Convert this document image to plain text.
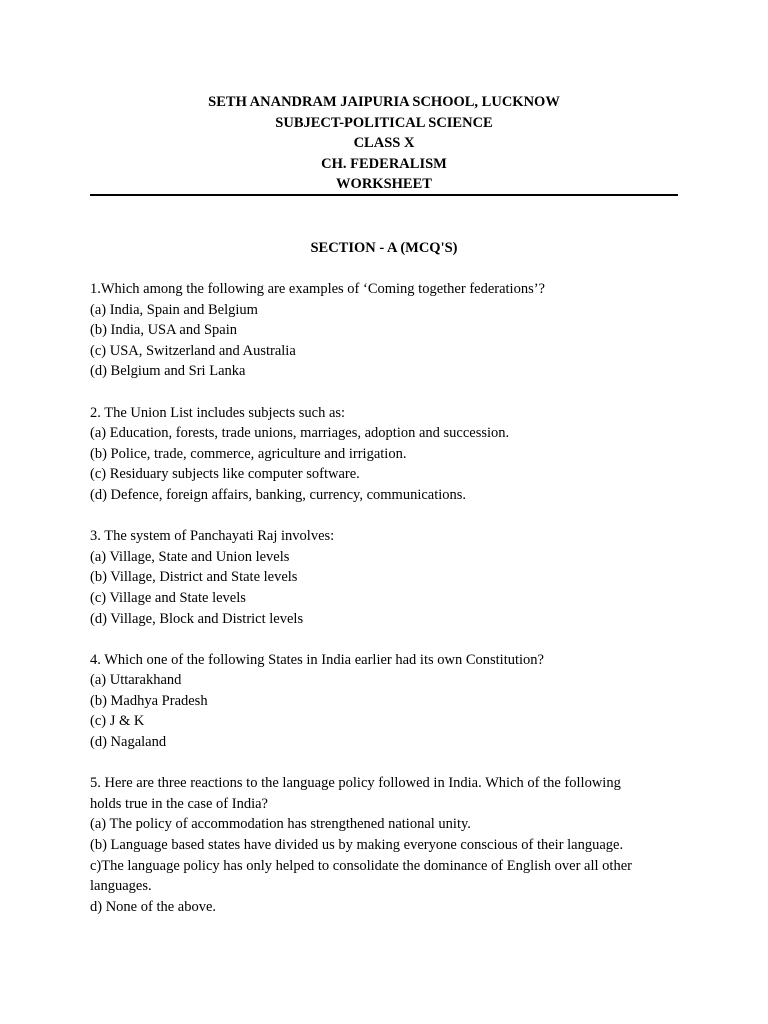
SETH ANANDRAM JAIPURIA SCHOOL, LUCKNOW
SUBJECT-POLITICAL SCIENCE
CLASS X
CH. FEDERALISM
WORKSHEET
SECTION - A (MCQ'S)
1.Which among the following are examples of ‘Coming together federations’?
(a) India, Spain and Belgium
(b) India, USA and Spain
(c) USA, Switzerland and Australia
(d) Belgium and Sri Lanka
2. The Union List includes subjects such as:
(a) Education, forests, trade unions, marriages, adoption and succession.
(b) Police, trade, commerce, agriculture and irrigation.
(c) Residuary subjects like computer software.
(d) Defence, foreign affairs, banking, currency, communications.
3. The system of Panchayati Raj involves:
(a) Village, State and Union levels
(b) Village, District and State levels
(c) Village and State levels
(d) Village, Block and District levels
4. Which one of the following States in India earlier had its own Constitution?
(a) Uttarakhand
(b) Madhya Pradesh
(c) J & K
(d) Nagaland
5. Here are three reactions to the language policy followed in India. Which of the following
holds true in the case of India?
(a) The policy of accommodation has strengthened national unity.
(b) Language based states have divided us by making everyone conscious of their language.
c)The language policy has only helped to consolidate the dominance of English over all other
languages.
d) None of the above.
